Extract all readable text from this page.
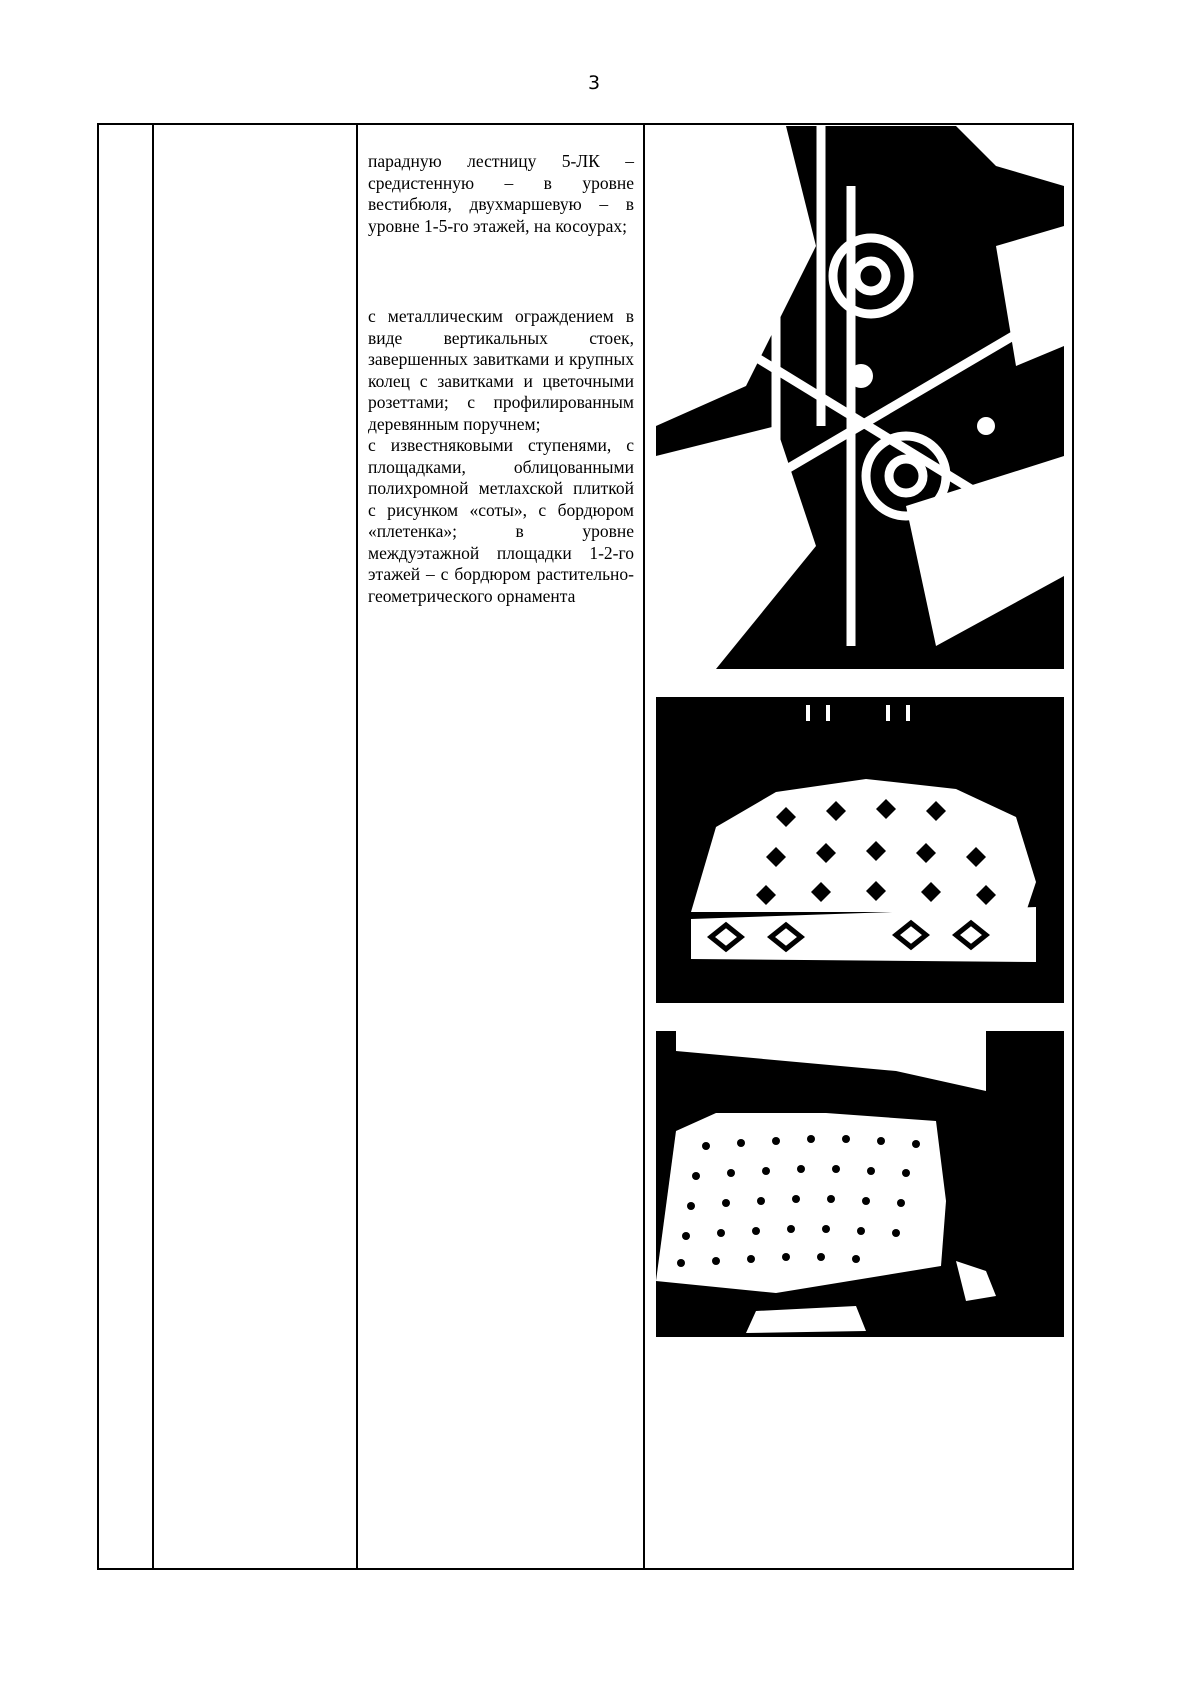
3

парадную лестницу 5-ЛК – средистенную – в уровне вестибюля, двухмаршевую – в уровне 1-5-го этажей, на косоурах;

с металлическим ограждением в виде вертикальных стоек, завершенных завитками и крупных колец с завитками и цветочными розеттами; с профилированным деревянным поручнем;

с известняковыми ступенями, с площадками, облицованными полихромной метлахской плиткой с рисунком «соты», с бордюром «плетенка»; в уровне междуэтажной площадки 1-2-го этажей – с бордюром растительно-геометрического орнамента
